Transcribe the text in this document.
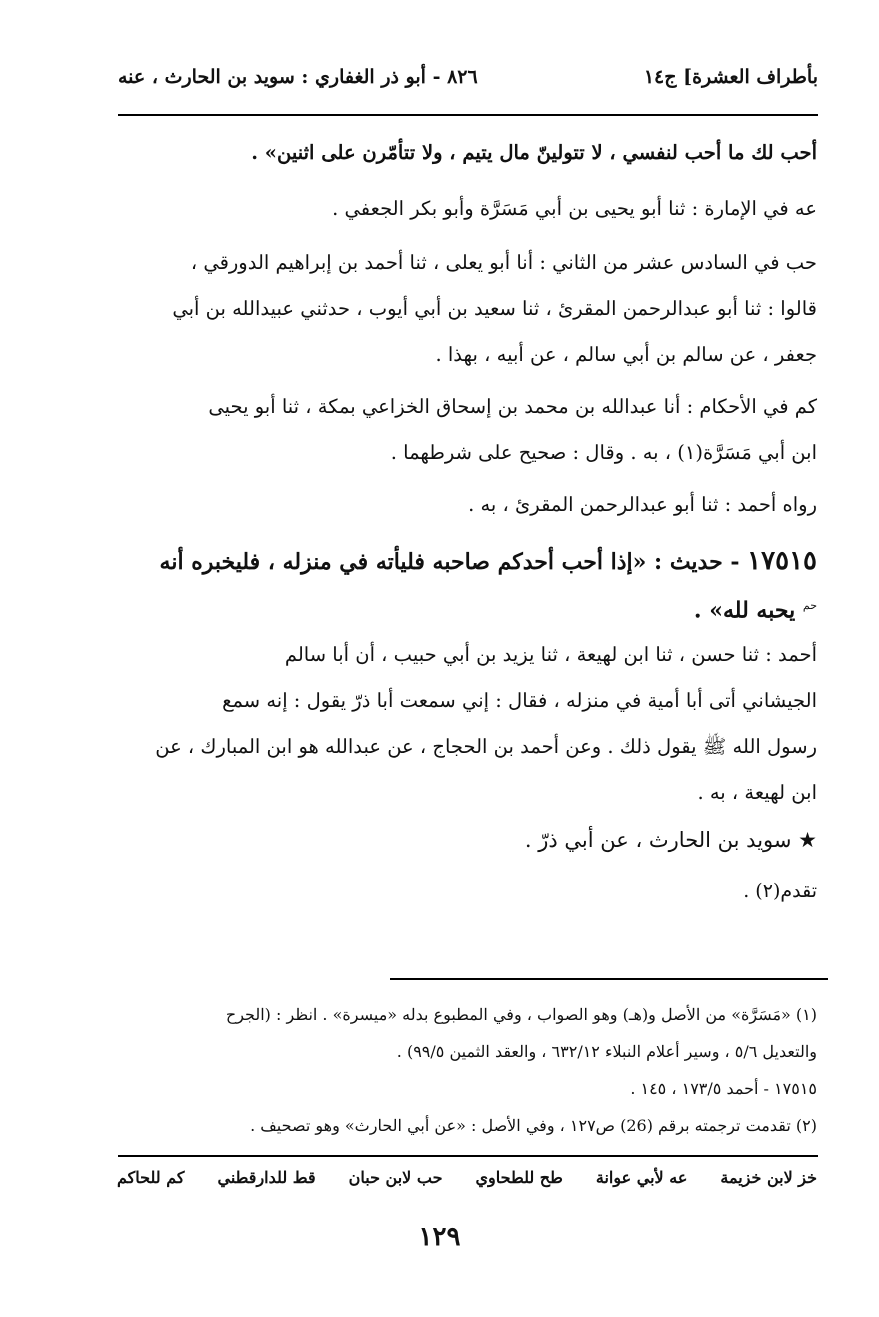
بأطراف العشرة] ج١٤
٨٢٦ - أبو ذر الغفاري : سويد بن الحارث ، عنه
أحب لك ما أحب لنفسي ، لا تتولينّ مال يتيم ، ولا تتأمّرن على اثنين» .
عه في الإمارة : ثنا أبو يحيى بن أبي مَسَرَّة وأبو بكر الجعفي .
حب في السادس عشر من الثاني : أنا أبو يعلى ، ثنا أحمد بن إبراهيم الدورقي ،
قالوا : ثنا أبو عبدالرحمن المقرئ ، ثنا سعيد بن أبي أيوب ، حدثني عبيدالله بن أبي
جعفر ، عن سالم بن أبي سالم ، عن أبيه ، بهذا .
كم في الأحكام : أنا عبدالله بن محمد بن إسحاق الخزاعي بمكة ، ثنا أبو يحيى
ابن أبي مَسَرَّة(١) ، به . وقال : صحيح على شرطهما .
رواه أحمد : ثنا أبو عبدالرحمن المقرئ ، به .
١٧٥١٥ - حديث : «إذا أحب أحدكم صاحبه فليأته في منزله ، فليخبره أنه
$^{حم}$ يحبه لله» .
أحمد : ثنا حسن ، ثنا ابن لهيعة ، ثنا يزيد بن أبي حبيب ، أن أبا سالم
الجيشاني أتى أبا أمية في منزله ، فقال : إني سمعت أبا ذرّ يقول : إنه سمع
رسول الله ﷺ يقول ذلك . وعن أحمد بن الحجاج ، عن عبدالله هو ابن المبارك ، عن
ابن لهيعة ، به .
★ سويد بن الحارث ، عن أبي ذرّ .
تقدم(٢) .
(١) «مَسَرَّة» من الأصل و(هـ) وهو الصواب ، وفي المطبوع بدله «ميسرة» . انظر : (الجرح
والتعديل ٥/٦ ، وسير أعلام النبلاء ٦٣٢/١٢ ، والعقد الثمين ٩٩/٥) .
١٧٥١٥ - أحمد ١٧٣/٥ ، ١٤٥ .
(٢) تقدمت ترجمته برقم (26) ص١٢٧ ، وفي الأصل : «عن أبي الحارث» وهو تصحيف .
خز لابن خزيمة
عه لأبي عوانة
طح للطحاوي
حب لابن حبان
قط للدارقطني
كم للحاكم
١٢٩
